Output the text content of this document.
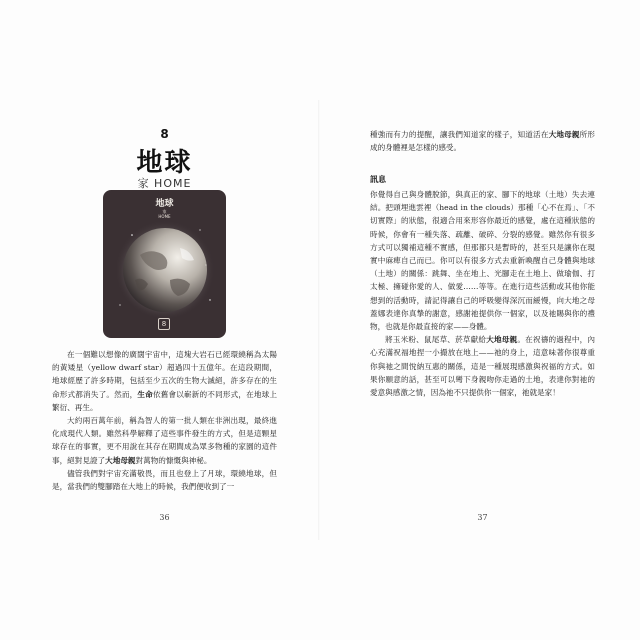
8
地球
家 HOME
地球
家
HOME
8

在一個難以想像的廣闊宇宙中，這塊大岩石已經環繞稱為太陽的黃矮星（yellow dwarf star）超過四十五億年。在這段期間，地球經歷了許多時期，包括至少五次的生物大滅絕，許多存在的生命形式都消失了。然而，生命依舊會以嶄新的不同形式，在地球上繁衍、再生。

大約兩百萬年前，稱為智人的第一批人類在非洲出現，最終進化成現代人類。雖然科學解釋了這些事件發生的方式，但是這顆星球存在的事實，更不用說在其存在期間成為眾多物種的家園的這件事，絕對見證了大地母親對萬物的慷慨與神秘。

儘管我們對宇宙充滿敬畏，而且也登上了月球，環繞地球，但是，當我們的雙腳踏在大地上的時候，我們便收到了一

36

種強而有力的提醒，讓我們知道家的樣子，知道活在大地母親所形成的身體裡是怎樣的感受。

訊息

你覺得自己與身體脫節，與真正的家、腳下的地球（土地）失去連結。把頭埋進雲裡（head in the clouds）那種「心不在焉」、「不切實際」的狀態，很適合用來形容你最近的感覺，處在這種狀態的時候，你會有一種失落、疏離、破碎、分裂的感覺。雖然你有很多方式可以獨補這種不實感，但那都只是暫時的，甚至只是讓你在現實中麻痺自己而已。你可以有很多方式去重新喚醒自己身體與地球（土地）的關係：跳舞、坐在地上、光腳走在土地上、做瑜伽、打太極、擁碰你愛的人、做愛……等等。在進行這些活動或其他你能想到的活動時，請記得讓自己的呼吸變得深沉而緩慢，向大地之母蓋娜表達你真摯的謝意，感謝祂提供你一個家，以及祂賜與你的禮物，也就是你最直接的家——身體。

將玉米粉、鼠尾草、菸草獻給大地母親。在祝禱的過程中，內心充滿祝福地捏一小撮放在地上——祂的身上，這意味著你很尊重你與祂之間悅納互惠的關係，這是一種展現感激與祝福的方式。如果你願意的話，甚至可以彎下身親吻你走過的土地，表達你對祂的愛意與感激之情，因為祂不只提供你一個家，祂就是家！

37
